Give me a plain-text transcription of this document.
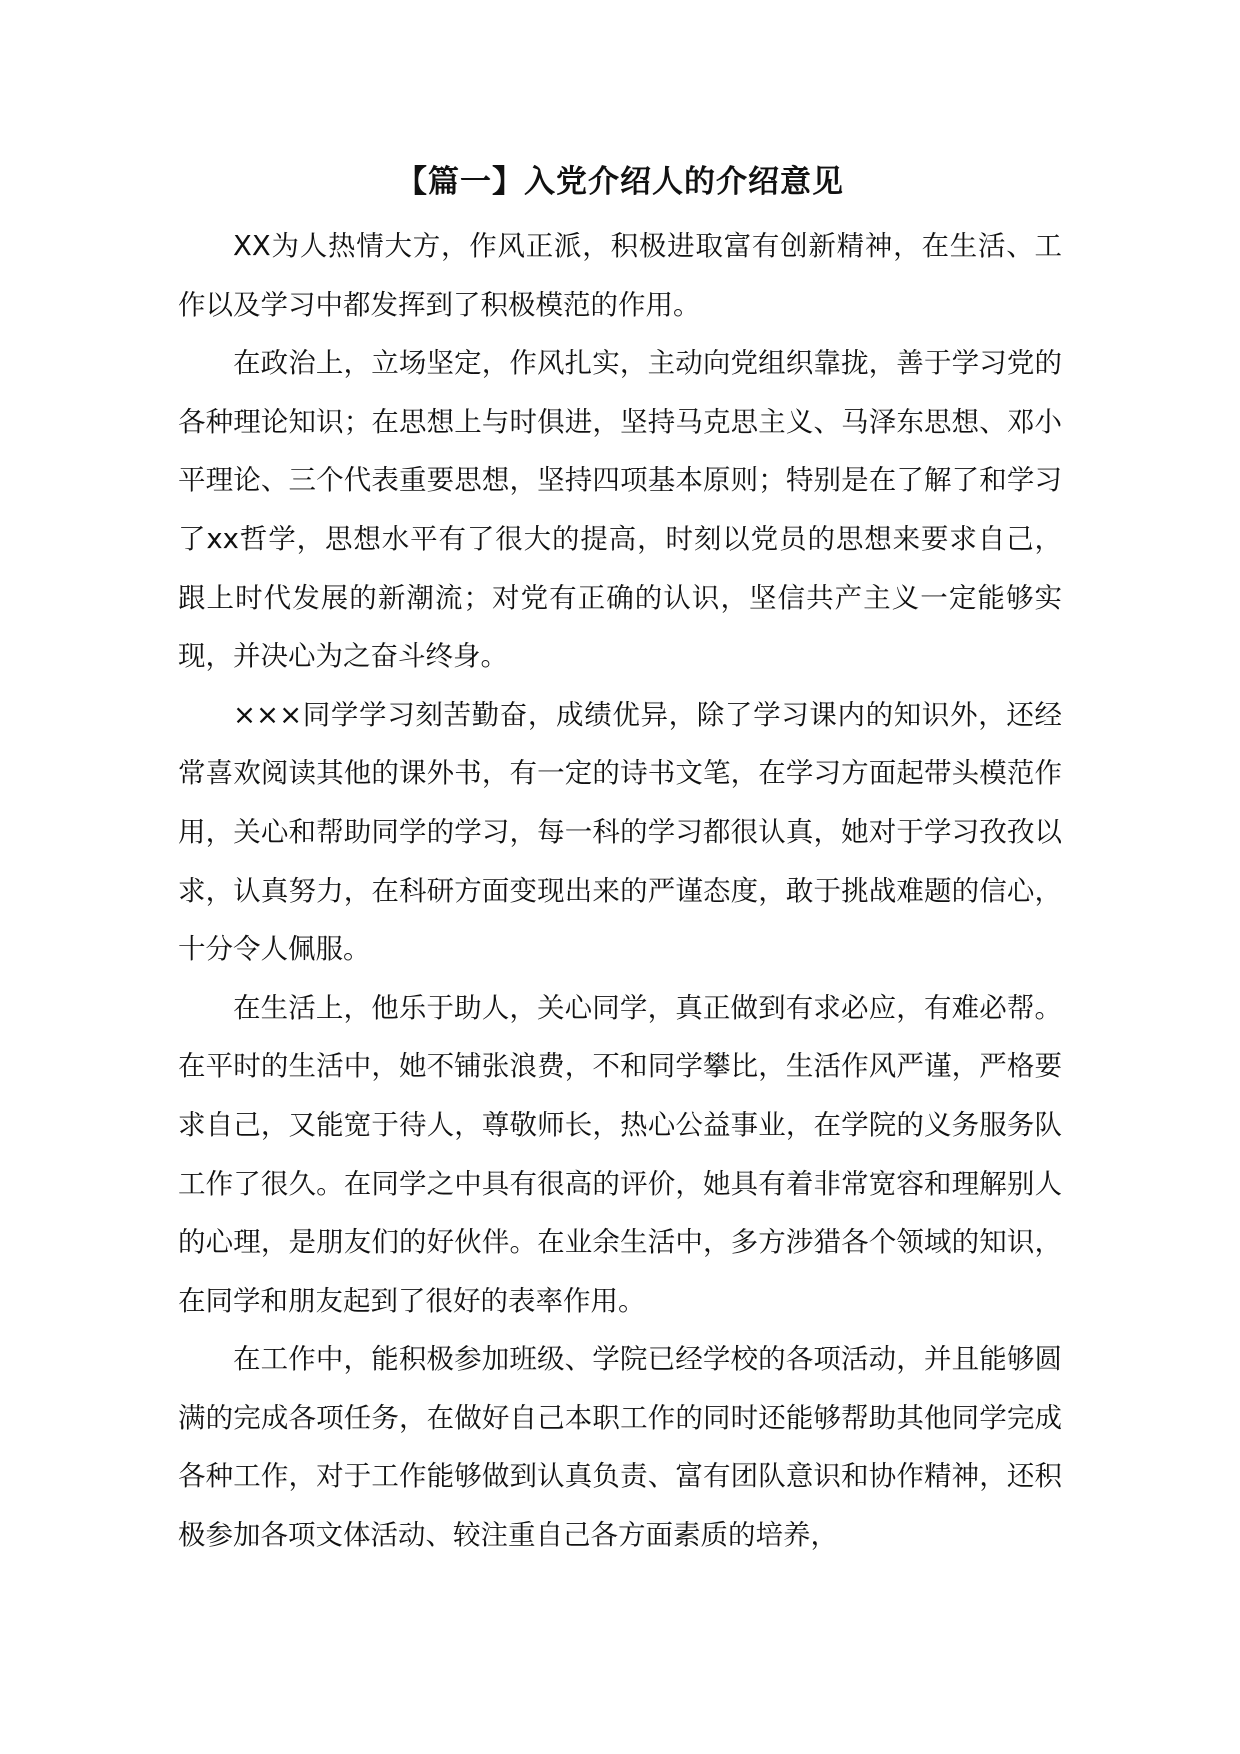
【篇一】入党介绍人的介绍意见

XX为人热情大方，作风正派，积极进取富有创新精神，在生活、工作以及学习中都发挥到了积极模范的作用。

在政治上，立场坚定，作风扎实，主动向党组织靠拢，善于学习党的各种理论知识；在思想上与时俱进，坚持马克思主义、马泽东思想、邓小平理论、三个代表重要思想，坚持四项基本原则；特别是在了解了和学习了xx哲学，思想水平有了很大的提高，时刻以党员的思想来要求自己，跟上时代发展的新潮流；对党有正确的认识，坚信共产主义一定能够实现，并决心为之奋斗终身。

×××同学学习刻苦勤奋，成绩优异，除了学习课内的知识外，还经常喜欢阅读其他的课外书，有一定的诗书文笔，在学习方面起带头模范作用，关心和帮助同学的学习，每一科的学习都很认真，她对于学习孜孜以求，认真努力，在科研方面变现出来的严谨态度，敢于挑战难题的信心，十分令人佩服。

在生活上，他乐于助人，关心同学，真正做到有求必应，有难必帮。在平时的生活中，她不铺张浪费，不和同学攀比，生活作风严谨，严格要求自己，又能宽于待人，尊敬师长，热心公益事业，在学院的义务服务队工作了很久。在同学之中具有很高的评价，她具有着非常宽容和理解别人的心理，是朋友们的好伙伴。在业余生活中，多方涉猎各个领域的知识，在同学和朋友起到了很好的表率作用。

在工作中，能积极参加班级、学院已经学校的各项活动，并且能够圆满的完成各项任务，在做好自己本职工作的同时还能够帮助其他同学完成各种工作，对于工作能够做到认真负责、富有团队意识和协作精神，还积极参加各项文体活动、较注重自己各方面素质的培养，
